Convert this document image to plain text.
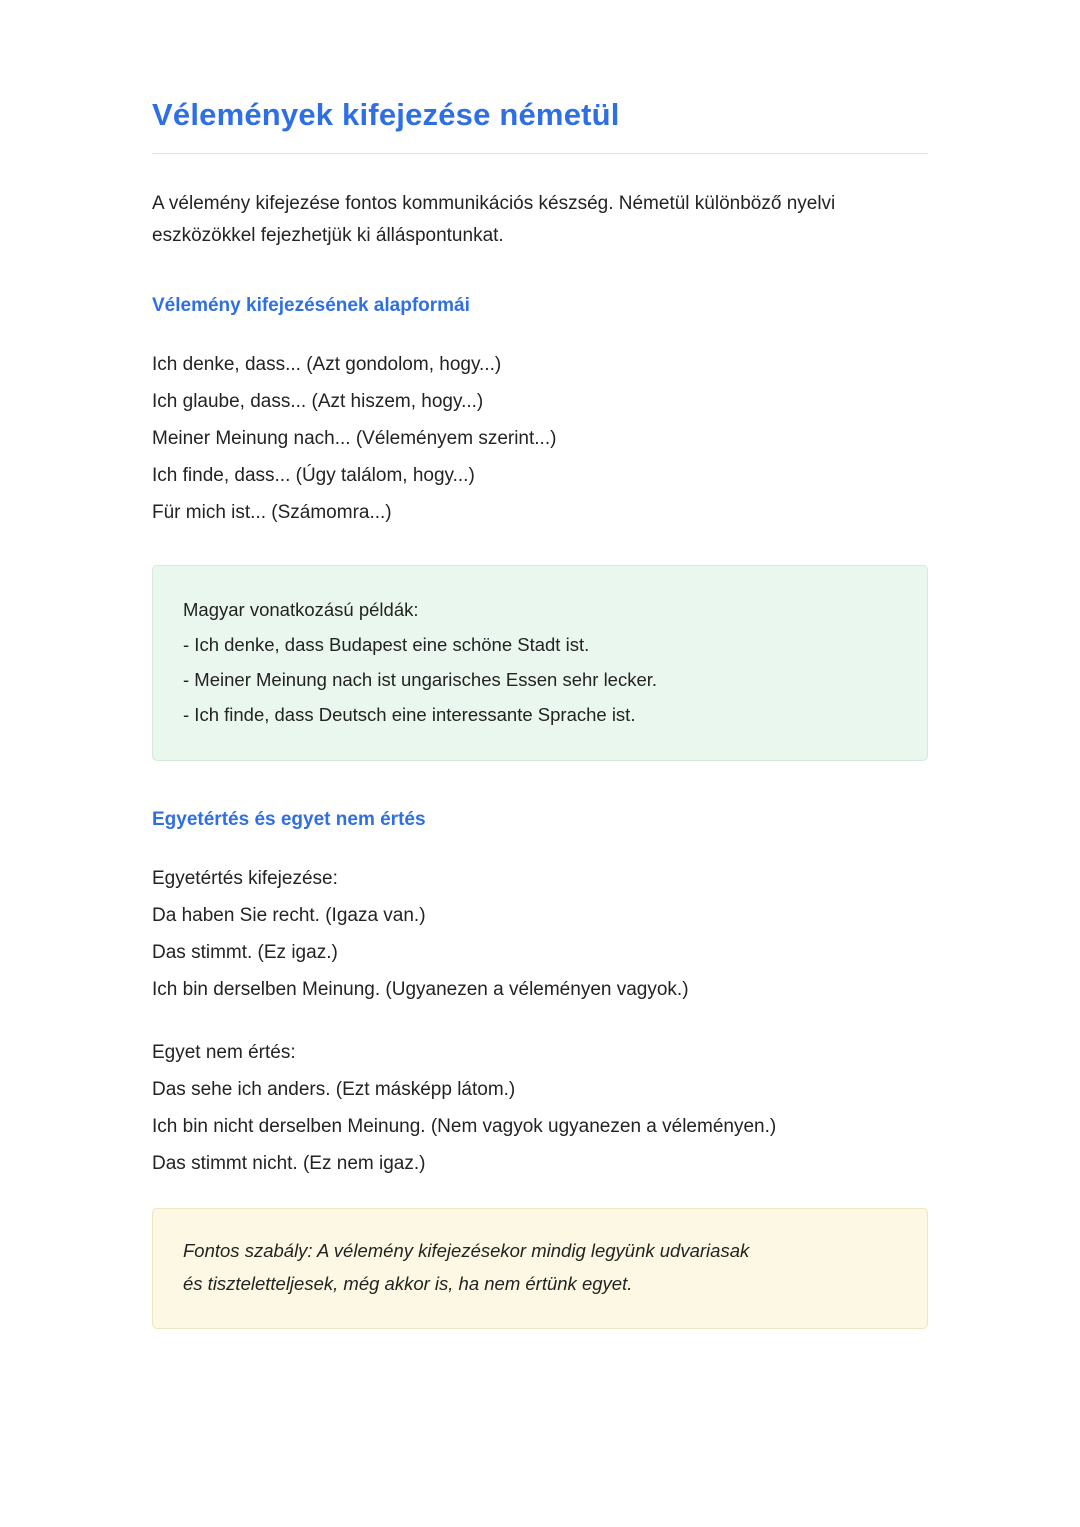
Vélemények kifejezése németül

A vélemény kifejezése fontos kommunikációs készség. Németül különböző nyelvi eszközökkel fejezhetjük ki álláspontunkat.

Vélemény kifejezésének alapformái
Ich denke, dass... (Azt gondolom, hogy...)
Ich glaube, dass... (Azt hiszem, hogy...)
Meiner Meinung nach... (Véleményem szerint...)
Ich finde, dass... (Úgy találom, hogy...)
Für mich ist... (Számomra...)
Magyar vonatkozású példák:
- Ich denke, dass Budapest eine schöne Stadt ist.
- Meiner Meinung nach ist ungarisches Essen sehr lecker.
- Ich finde, dass Deutsch eine interessante Sprache ist.
Egyetértés és egyet nem értés
Egyetértés kifejezése:
Da haben Sie recht. (Igaza van.)
Das stimmt. (Ez igaz.)
Ich bin derselben Meinung. (Ugyanezen a véleményen vagyok.)
Egyet nem értés:
Das sehe ich anders. (Ezt másképp látom.)
Ich bin nicht derselben Meinung. (Nem vagyok ugyanezen a véleményen.)
Das stimmt nicht. (Ez nem igaz.)
Fontos szabály: A vélemény kifejezésekor mindig legyünk udvariasak
és tiszteletteljesek, még akkor is, ha nem értünk egyet.
